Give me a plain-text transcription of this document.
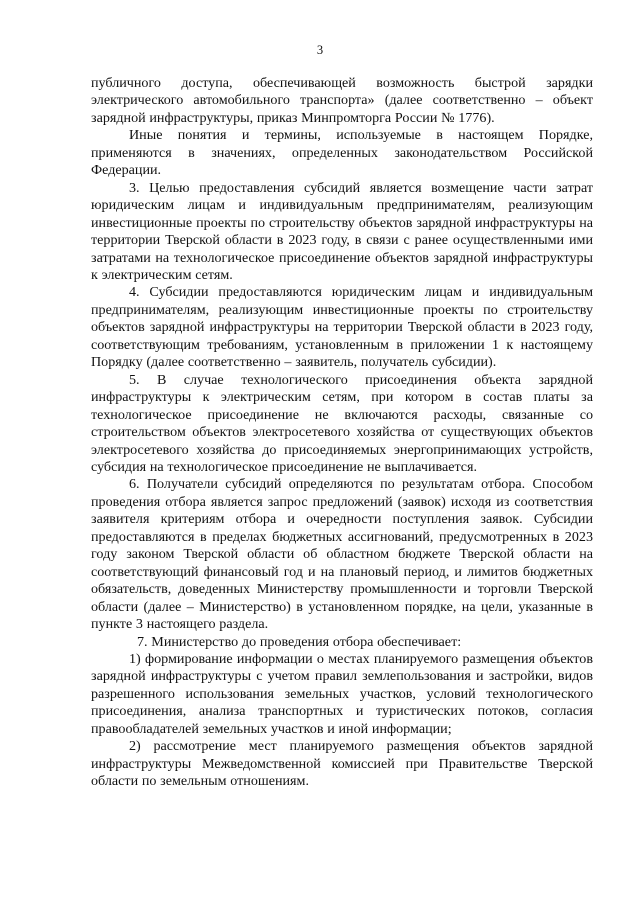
3

публичного доступа, обеспечивающей возможность быстрой зарядки электрического автомобильного транспорта» (далее соответственно – объект зарядной инфраструктуры, приказ Минпромторга России № 1776).

Иные понятия и термины, используемые в настоящем Порядке, применяются в значениях, определенных законодательством Российской Федерации.

3. Целью предоставления субсидий является возмещение части затрат юридическим лицам и индивидуальным предпринимателям, реализующим инвестиционные проекты по строительству объектов зарядной инфраструктуры на территории Тверской области в 2023 году, в связи с ранее осуществленными ими затратами на технологическое присоединение объектов зарядной инфраструктуры к электрическим сетям.

4. Субсидии предоставляются юридическим лицам и индивидуальным предпринимателям, реализующим инвестиционные проекты по строительству объектов зарядной инфраструктуры на территории Тверской области в 2023 году, соответствующим требованиям, установленным в приложении 1 к настоящему Порядку (далее соответственно – заявитель, получатель субсидии).

5. В случае технологического присоединения объекта зарядной инфраструктуры к электрическим сетям, при котором в состав платы за технологическое присоединение не включаются расходы, связанные со строительством объектов электросетевого хозяйства от существующих объектов электросетевого хозяйства до присоединяемых энергопринимающих устройств, субсидия на технологическое присоединение не выплачивается.

6. Получатели субсидий определяются по результатам отбора. Способом проведения отбора является запрос предложений (заявок) исходя из соответствия заявителя критериям отбора и очередности поступления заявок. Субсидии предоставляются в пределах бюджетных ассигнований, предусмотренных в 2023 году законом Тверской области об областном бюджете Тверской области на соответствующий финансовый год и на плановый период, и лимитов бюджетных обязательств, доведенных Министерству промышленности и торговли Тверской области (далее – Министерство) в установленном порядке, на цели, указанные в пункте 3 настоящего раздела.

7. Министерство до проведения отбора обеспечивает:

1) формирование информации о местах планируемого размещения объектов зарядной инфраструктуры с учетом правил землепользования и застройки, видов разрешенного использования земельных участков, условий технологического присоединения, анализа транспортных и туристических потоков, согласия правообладателей земельных участков и иной информации;

2) рассмотрение мест планируемого размещения объектов зарядной инфраструктуры Межведомственной комиссией при Правительстве Тверской области по земельным отношениям.
